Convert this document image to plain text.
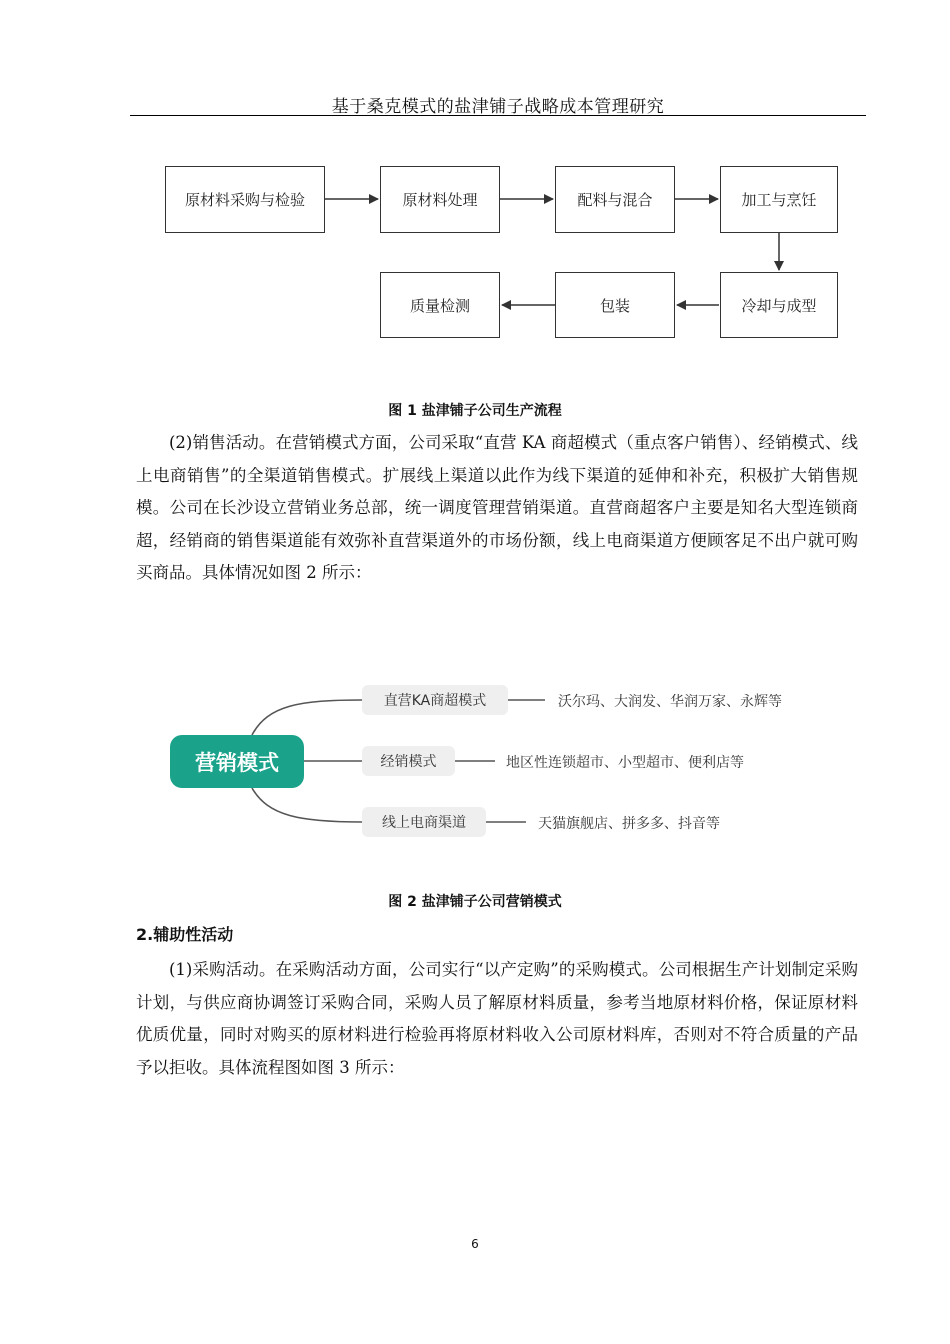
基于桑克模式的盐津铺子战略成本管理研究
原材料采购与检验	原材料处理	配料与混合	加工与烹饪
冷却与成型
包装
质量检测
图 1 盐津铺子公司生产流程

(2)销售活动。在营销模式方面，公司采取“直营 KA 商超模式（重点客户销售）、经销模式、线上电商销售”的全渠道销售模式。扩展线上渠道以此作为线下渠道的延伸和补充，积极扩大销售规模。公司在长沙设立营销业务总部，统一调度管理营销渠道。直营商超客户主要是知名大型连锁商超，经销商的销售渠道能有效弥补直营渠道外的市场份额，线上电商渠道方便顾客足不出户就可购买商品。具体情况如图 2 所示：

营销模式
直营KA商超模式
经销模式
线上电商渠道
沃尔玛、大润发、华润万家、永辉等
地区性连锁超市、小型超市、便利店等
天猫旗舰店、拼多多、抖音等
图 2 盐津铺子公司营销模式
2.辅助性活动

(1)采购活动。在采购活动方面，公司实行“以产定购”的采购模式。公司根据生产计划制定采购计划，与供应商协调签订采购合同，采购人员了解原材料质量，参考当地原材料价格，保证原材料优质优量，同时对购买的原材料进行检验再将原材料收入公司原材料库，否则对不符合质量的产品予以拒收。具体流程图如图 3 所示：

6
